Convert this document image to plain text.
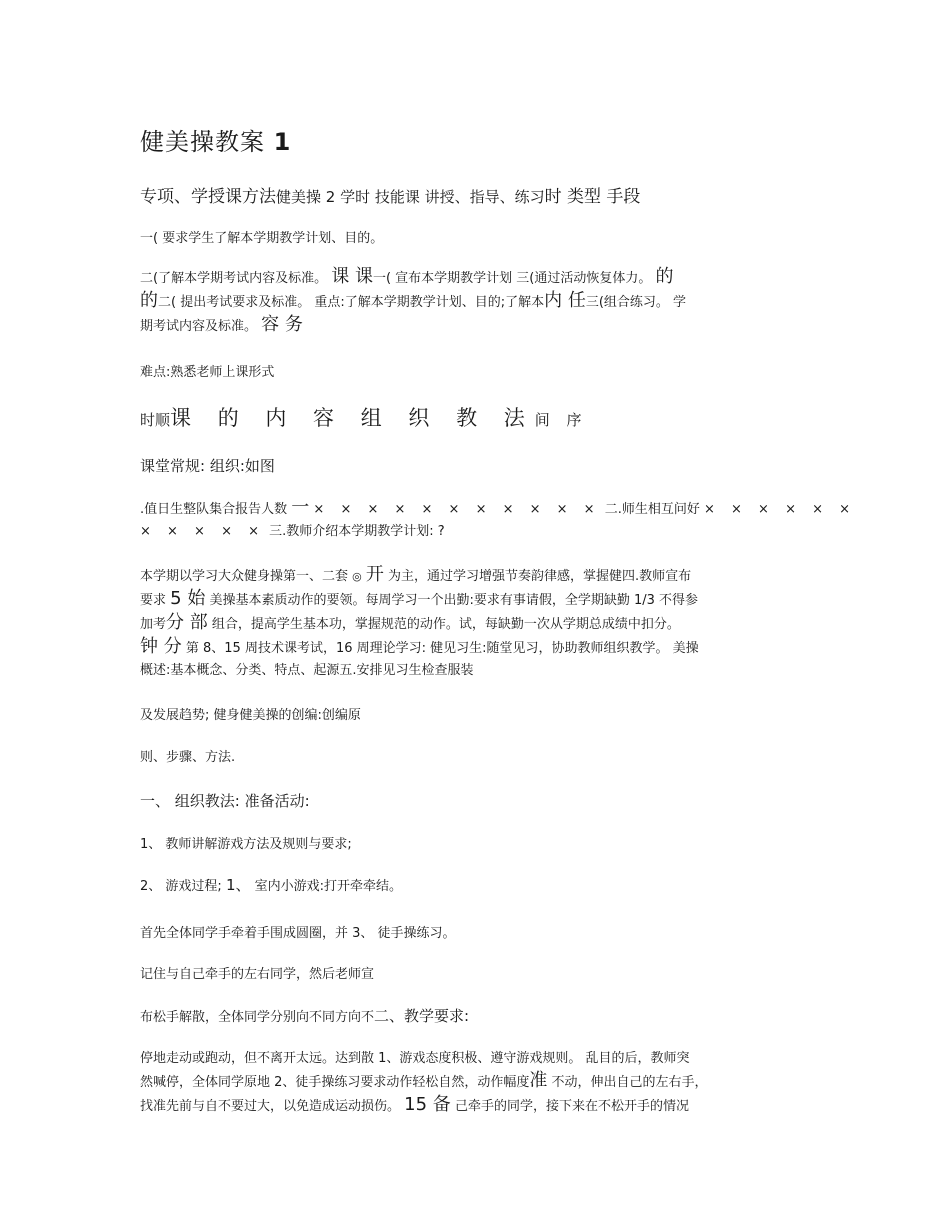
健美操教案 1
专项、学授课方法健美操 2 学时 技能课 讲授、指导、练习时 类型 手段
一( 要求学生了解本学期教学计划、目的。
二(了解本学期考试内容及标准。 课 课一( 宣布本学期教学计划 三(通过活动恢复体力。 的
的二( 提出考试要求及标准。 重点:了解本学期教学计划、目的;了解本内 任三(组合练习。 学
期考试内容及标准。 容 务
难点:熟悉老师上课形式
时顺课 的 内 容 组 织 教 法间 序
课堂常规: 组织:如图
.值日生整队集合报告人数 一 × × × × × × × × × × × 二.师生相互问好 × × × × × ×
× × × × × 三.教师介绍本学期教学计划: ?
本学期以学习大众健身操第一、二套 ◎ 开 为主，通过学习增强节奏韵律感，掌握健四.教师宣布
要求 5 始 美操基本素质动作的要领。每周学习一个出勤:要求有事请假，全学期缺勤 1/3 不得参
加考分 部 组合，提高学生基本功，掌握规范的动作。试，每缺勤一次从学期总成绩中扣分。
钟 分 第 8、15 周技术课考试，16 周理论学习: 健见习生:随堂见习，协助教师组织教学。 美操
概述:基本概念、分类、特点、起源五.安排见习生检查服装
及发展趋势; 健身健美操的创编:创编原
则、步骤、方法.
一、 组织教法: 准备活动:
1、 教师讲解游戏方法及规则与要求;
2、 游戏过程; 1、 室内小游戏:打开牵牵结。
首先全体同学手牵着手围成圆圈，并 3、 徒手操练习。
记住与自己牵手的左右同学，然后老师宣
布松手解散，全体同学分别向不同方向不二、教学要求:
停地走动或跑动，但不离开太远。达到散 1、游戏态度积极、遵守游戏规则。 乱目的后，教师突
然喊停，全体同学原地 2、徒手操练习要求动作轻松自然，动作幅度准 不动，伸出自己的左右手，
找准先前与自不要过大，以免造成运动损伤。 15 备 己牵手的同学，接下来在不松开手的情况
